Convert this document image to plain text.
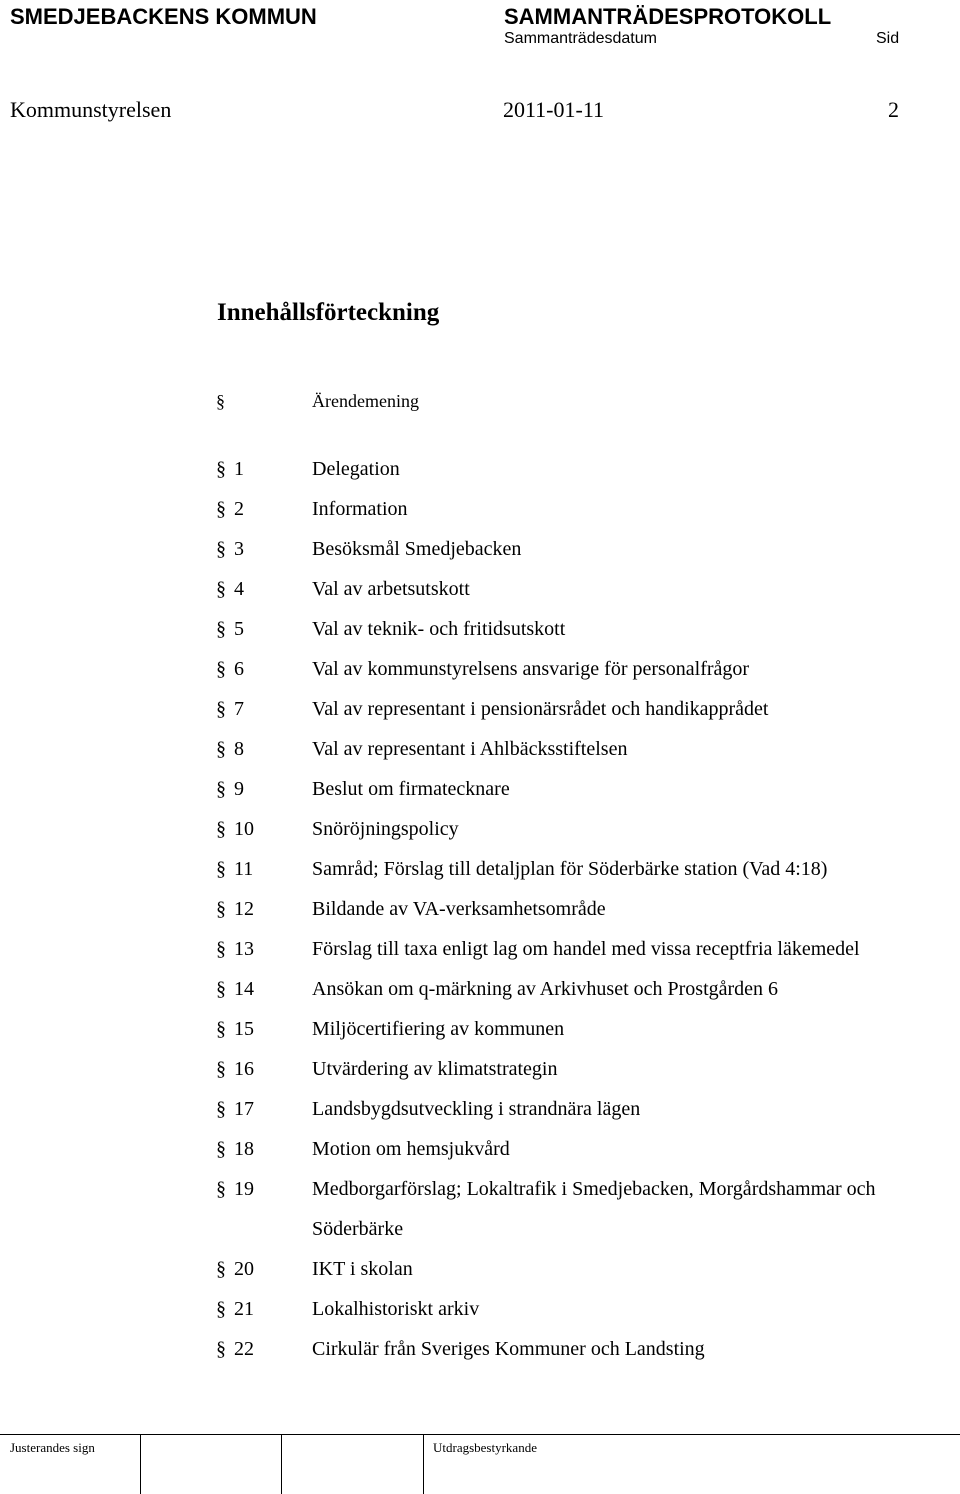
SMEDJEBACKENS KOMMUN	SAMMANTRÄDESPROTOKOLL
Sammanträdesdatum	Sid
Kommunstyrelsen	2011-01-11	2
Innehållsförteckning
§	Ärendemening
§ 1	Delegation
§ 2	Information
§ 3	Besöksmål Smedjebacken
§ 4	Val av arbetsutskott
§ 5	Val av teknik- och fritidsutskott
§ 6	Val av kommunstyrelsens ansvarige för personalfrågor
§ 7	Val av representant i pensionärsrådet och handikapprådet
§ 8	Val av representant i Ahlbäcksstiftelsen
§ 9	Beslut om firmatecknare
§ 10	Snöröjningspolicy
§ 11	Samråd; Förslag till detaljplan för Söderbärke station (Vad 4:18)
§ 12	Bildande av VA-verksamhetsområde
§ 13	Förslag till taxa enligt lag om handel med vissa receptfria läkemedel
§ 14	Ansökan om q-märkning av Arkivhuset och Prostgården 6
§ 15	Miljöcertifiering av kommunen
§ 16	Utvärdering av klimatstrategin
§ 17	Landsbygdsutveckling i strandnära lägen
§ 18	Motion om hemsjukvård
§ 19	Medborgarförslag; Lokaltrafik i Smedjebacken, Morgårdshammar och Söderbärke
§ 20	IKT i skolan
§ 21	Lokalhistoriskt arkiv
§ 22	Cirkulär från Sveriges Kommuner och Landsting
Justerandes sign	Utdragsbestyrkande
